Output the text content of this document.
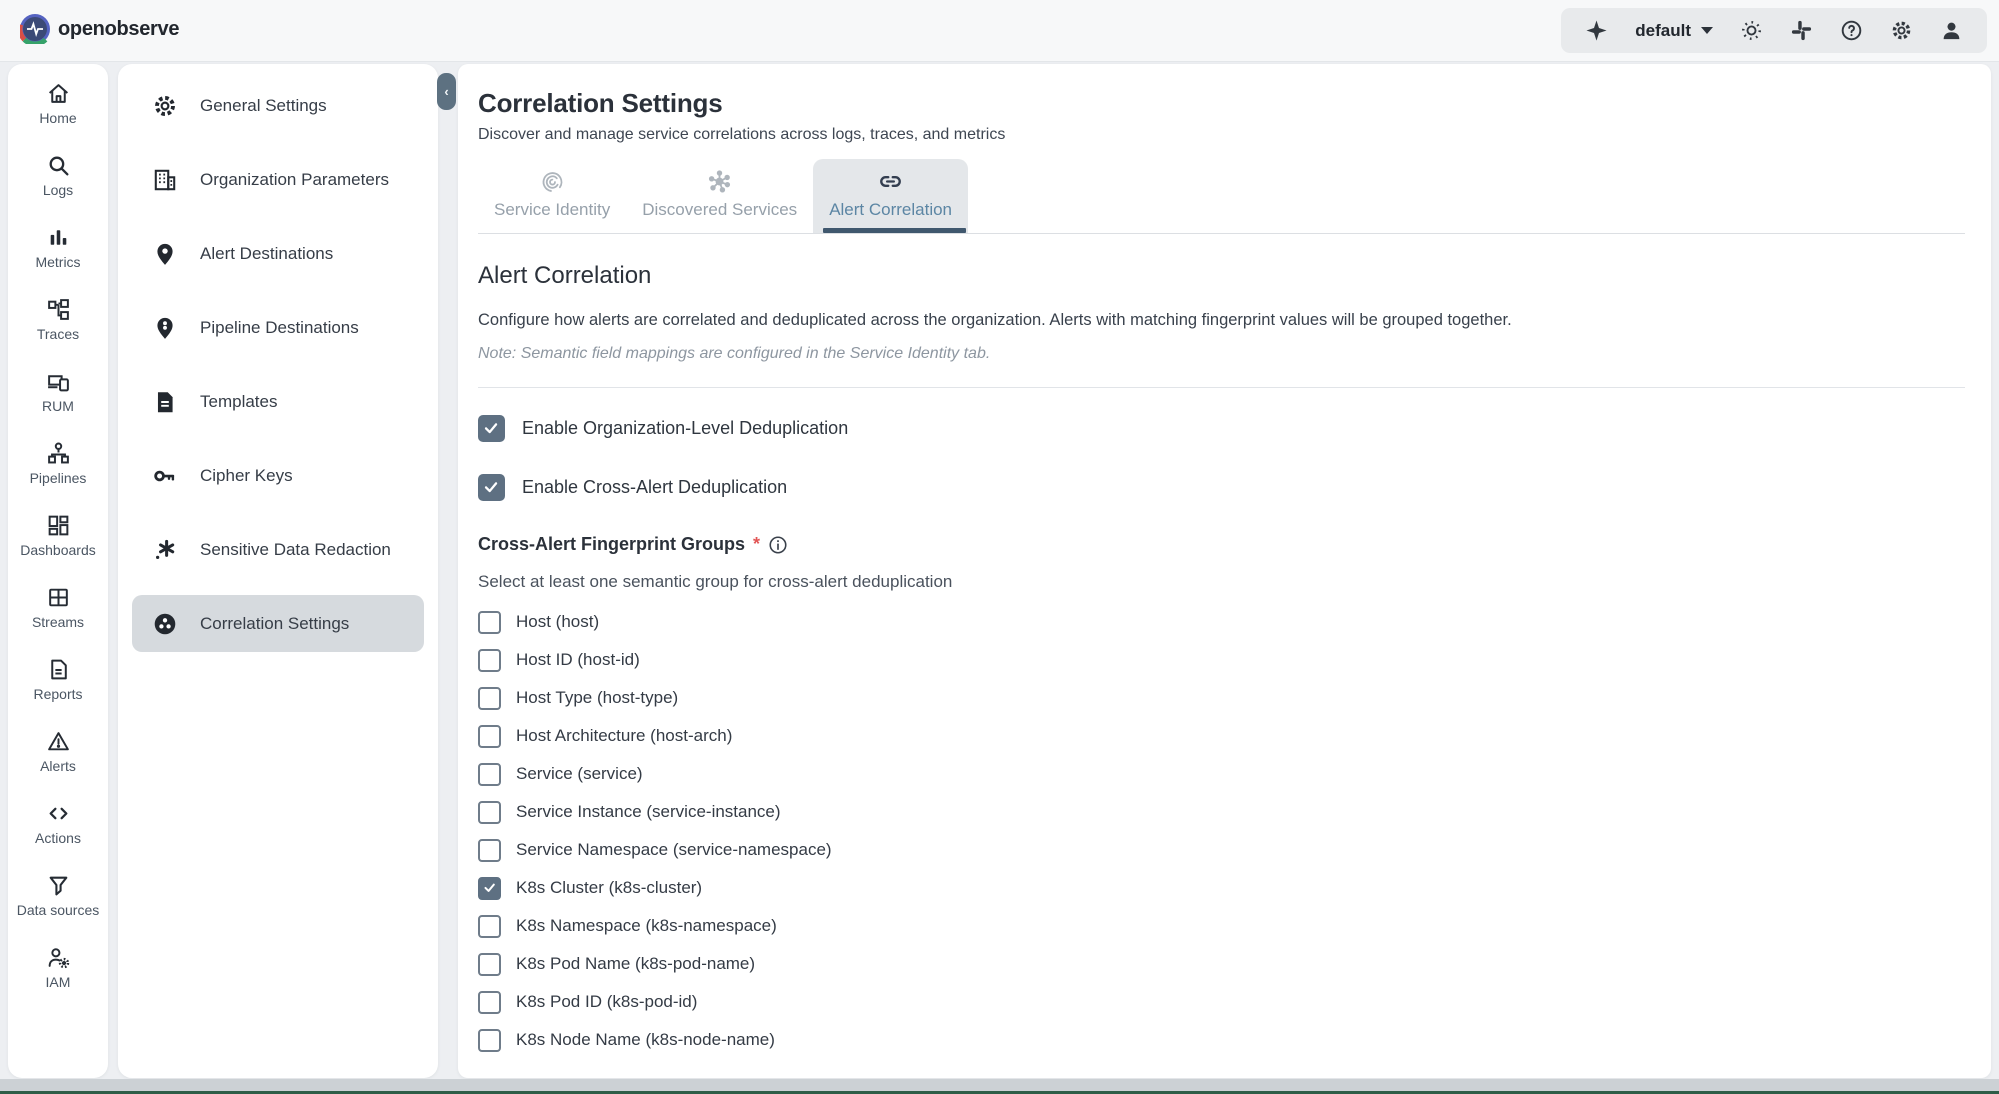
openobserve	default
Home
Logs
Metrics
Traces
RUM
Pipelines
Dashboards
Streams
Reports
Alerts
Actions
Data sources
IAM
General Settings
Organization Parameters
Alert Destinations
Pipeline Destinations
Templates
Cipher Keys
Sensitive Data Redaction
Correlation Settings
‹ Correlation Settings
Discover and manage service correlations across logs, traces, and metrics
Service Identity Discovered Services Alert Correlation
Alert Correlation
Configure how alerts are correlated and deduplicated across the organization. Alerts with matching fingerprint values will be grouped together.
Note: Semantic field mappings are configured in the Service Identity tab.
Enable Organization-Level Deduplication
Enable Cross-Alert Deduplication
Cross-Alert Fingerprint Groups *
Select at least one semantic group for cross-alert deduplication
Host (host)
Host ID (host-id)
Host Type (host-type)
Host Architecture (host-arch)
Service (service)
Service Instance (service-instance)
Service Namespace (service-namespace)
K8s Cluster (k8s-cluster)
K8s Namespace (k8s-namespace)
K8s Pod Name (k8s-pod-name)
K8s Pod ID (k8s-pod-id)
K8s Node Name (k8s-node-name)
